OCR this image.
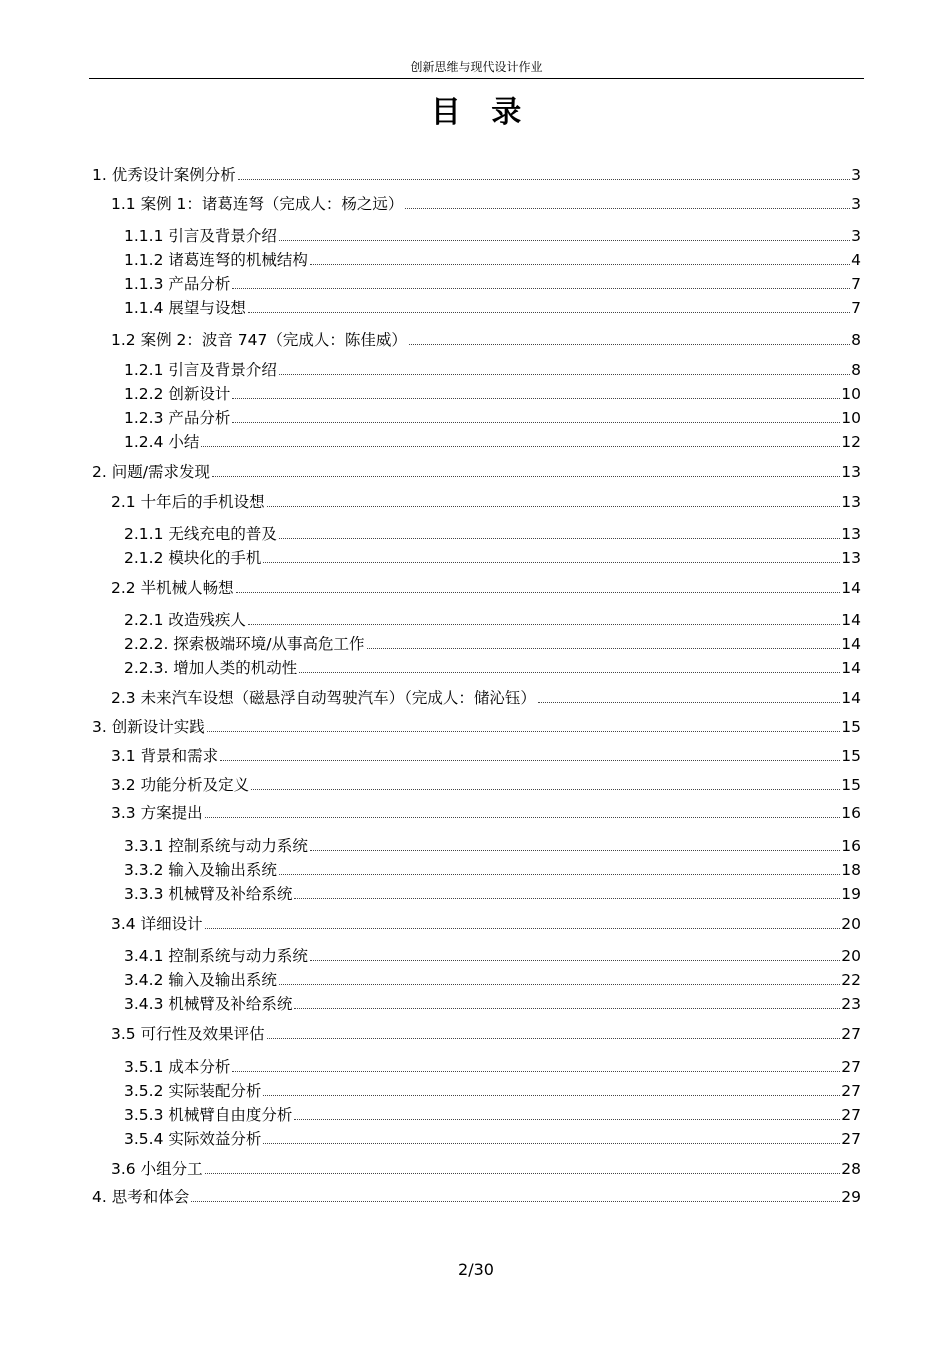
创新思维与现代设计作业
目 录
1. 优秀设计案例分析	3
1.1 案例 1：诸葛连弩（完成人：杨之远）	3
1.1.1 引言及背景介绍	3
1.1.2 诸葛连弩的机械结构	4
1.1.3 产品分析	7
1.1.4 展望与设想	7
1.2 案例 2：波音 747（完成人：陈佳威）	8
1.2.1 引言及背景介绍	8
1.2.2 创新设计	10
1.2.3 产品分析	10
1.2.4 小结	12
2. 问题/需求发现	13
2.1 十年后的手机设想	13
2.1.1 无线充电的普及	13
2.1.2 模块化的手机	13
2.2 半机械人畅想	14
2.2.1 改造残疾人	14
2.2.2. 探索极端环境/从事高危工作	14
2.2.3. 增加人类的机动性	14
2.3 未来汽车设想（磁悬浮自动驾驶汽车）（完成人：储沁钰）	14
3. 创新设计实践	15
3.1 背景和需求	15
3.2 功能分析及定义	15
3.3 方案提出	16
3.3.1 控制系统与动力系统	16
3.3.2 输入及输出系统	18
3.3.3 机械臂及补给系统	19
3.4 详细设计	20
3.4.1 控制系统与动力系统	20
3.4.2 输入及输出系统	22
3.4.3 机械臂及补给系统	23
3.5 可行性及效果评估	27
3.5.1 成本分析	27
3.5.2 实际装配分析	27
3.5.3 机械臂自由度分析	27
3.5.4 实际效益分析	27
3.6 小组分工	28
4. 思考和体会	29
2/30
